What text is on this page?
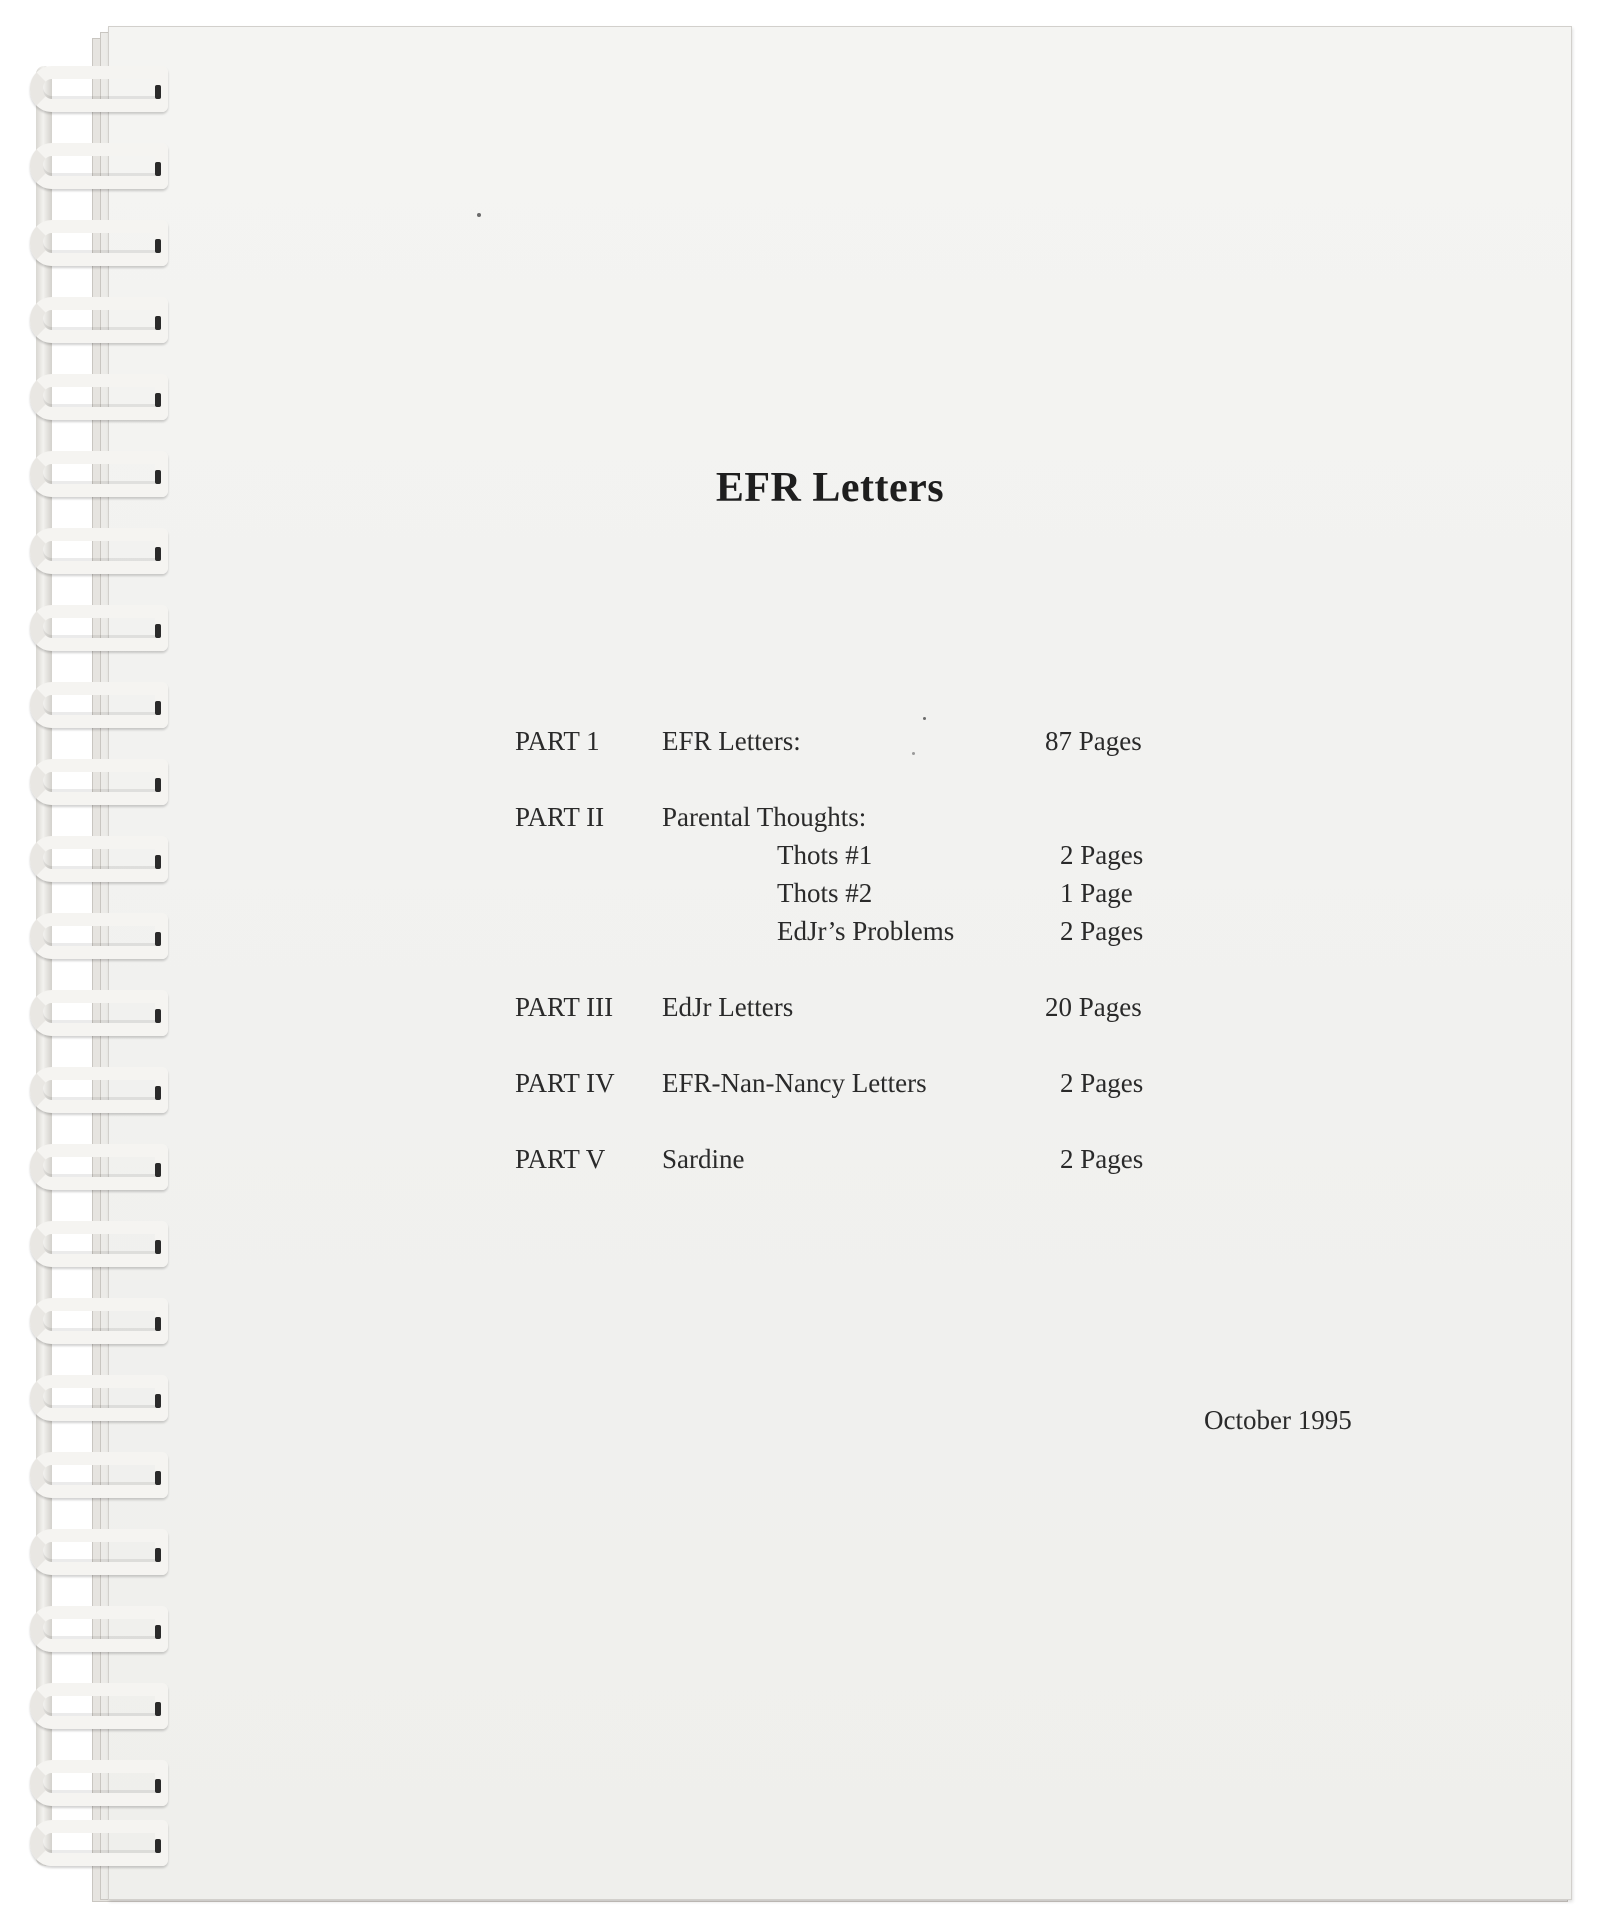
EFR Letters
PART 1 EFR Letters:	87 Pages
PART II Parental Thoughts:
Thots #1	2 Pages
Thots #2	1 Page
EdJr’s Problems	2 Pages
PART III EdJr Letters	20 Pages
PART IV EFR-Nan-Nancy Letters	2 Pages
PART V Sardine	2 Pages
October 1995
